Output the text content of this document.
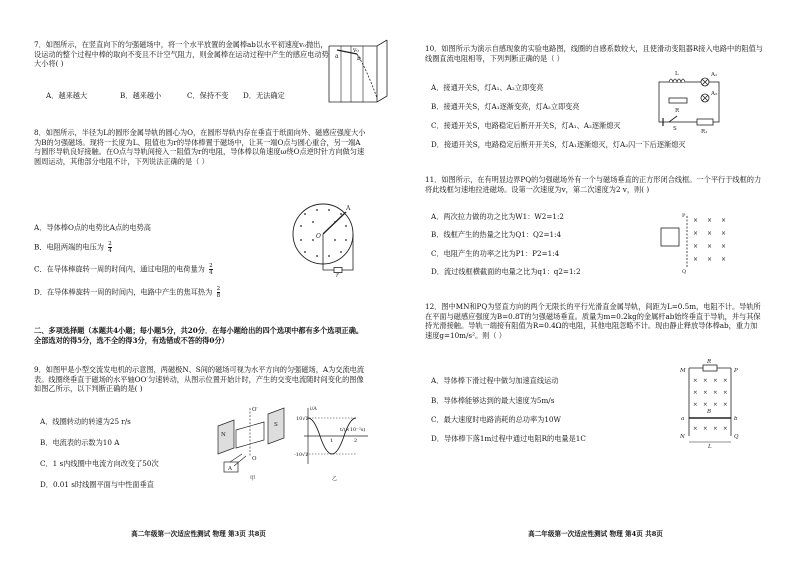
7．如图所示，在竖直向下的匀强磁场中，将一个水平放置的金属棒ab以水平初速度v₀抛出，设运动的整个过程中棒的取向不变且不计空气阻力，则金属棒在运动过程中产生的感应电动势大小将( )
A．越来越大	B．越来越小	C．保持不变 D．无法确定
v₀
a	b
8．如图所示，半径为L的圆形金属导轨的圆心为O，在圆形导轨内存在垂直于纸面向外、磁感应强度大小为B的匀强磁场。现将一长度为L、阻值也为r的导体棒置于磁场中，让其一端O点与圆心重合，另一端A与圆形导轨良好接触。在O点与导轨间接入一阻值为r的电阻，导体棒以角速度ω绕O点逆时针方向做匀速圆周运动，其他部分电阻不计，下列说法正确的是（ ）
A．导体棒O点的电势比A点的电势高
B．电阻两端的电压为 $\frac{2}{4}$
C．在导体棒旋转一周的时间内，通过电阻的电荷量为 $\frac{2}{4}$
D．在导体棒旋转一周的时间内，电路中产生的焦耳热为 $\frac{2}{8}$
A
O
r
二、多项选择题（本题共4小题；每小题5分，共20分．在每小题给出的四个选项中都有多个选项正确。全部选对的得5分，选不全的得3分，有选错或不答的得0分）
9．如图甲是小型交流发电机的示意图，两磁极N、S间的磁场可视为水平方向的匀强磁场，A为交流电流表。线圈绕垂直于磁场的水平轴OO′匀速转动，从图示位置开始计时，产生的交变电流随时间变化的图像如图乙所示，以下判断正确的是( )
A．线圈转动的转速为25 r/s
B．电流表的示数为10 A
C．1 s内线圈中电流方向改变了50次
D．0.01 s时线圈平面与中性面垂直
N
S
A
O′
O
甲
i/A
10√2
-10√2
1	2
t/(×10⁻²s)
乙
高二年级第一次适应性测试 物理 第3页 共8页
10．如图所示为演示自感现象的实验电路图，线圈的自感系数较大，且使滑动变阻器R接入电路中的阻值与线圈直流电阻相等，下列判断正确的是（ ）
A．接通开关S，灯A₁、A₂立即变亮
B．接通开关S，灯A₁逐渐变亮，灯A₂立即变亮
C．接通开关S，电路稳定后断开开关S，灯A₁、A₂逐渐熄灭
D．接通开关S，电路稳定后断开开关S，灯A₁逐渐熄灭，灯A₂闪一下后逐渐熄灭
L	A₁
R
A₂
R₁
S
11．如图所示，在有明显边界PQ的匀强磁场外有一个与磁场垂直的正方形闭合线框。一个平行于线框的力将此线框匀速地拉进磁场。设第一次速度为v，第二次速度为2 v，则( )
A．两次拉力做的功之比为W1：W2=1:2
B．线框产生的热量之比为Q1：Q2=1:4
C．电阻产生的功率之比为P1：P2=1:4
D．流过线框横截面的电量之比为q1：q2=1:2
× × ×
× × ×
× × ×
× × ×
P
Q
12．图中MN和PQ为竖直方向的两个无限长的平行光滑直金属导轨，间距为L=0.5m，电阻不计。导轨所在平面与磁感应强度为B=0.8T的匀强磁场垂直。质量为m=0.2kg的金属杆ab始终垂直于导轨，并与其保持光滑接触。导轨一端接有阻值为R=0.4Ω的电阻，其他电阻忽略不计。现由静止释放导体棒ab，重力加速度g=10m/s²。则（ ）
A．导体棒下滑过程中做匀加速直线运动
B．导体棒能够达到的最大速度为5m/s
C．最大速度时电路消耗的总功率为10W
D．导体棒下落1m过程中通过电阻R的电量是1C
× × × ×
× × × ×
× × × ×
× × × ×
R
M	P
a	b
B
N
L
Q
高二年级第一次适应性测试 物理 第4页 共8页
